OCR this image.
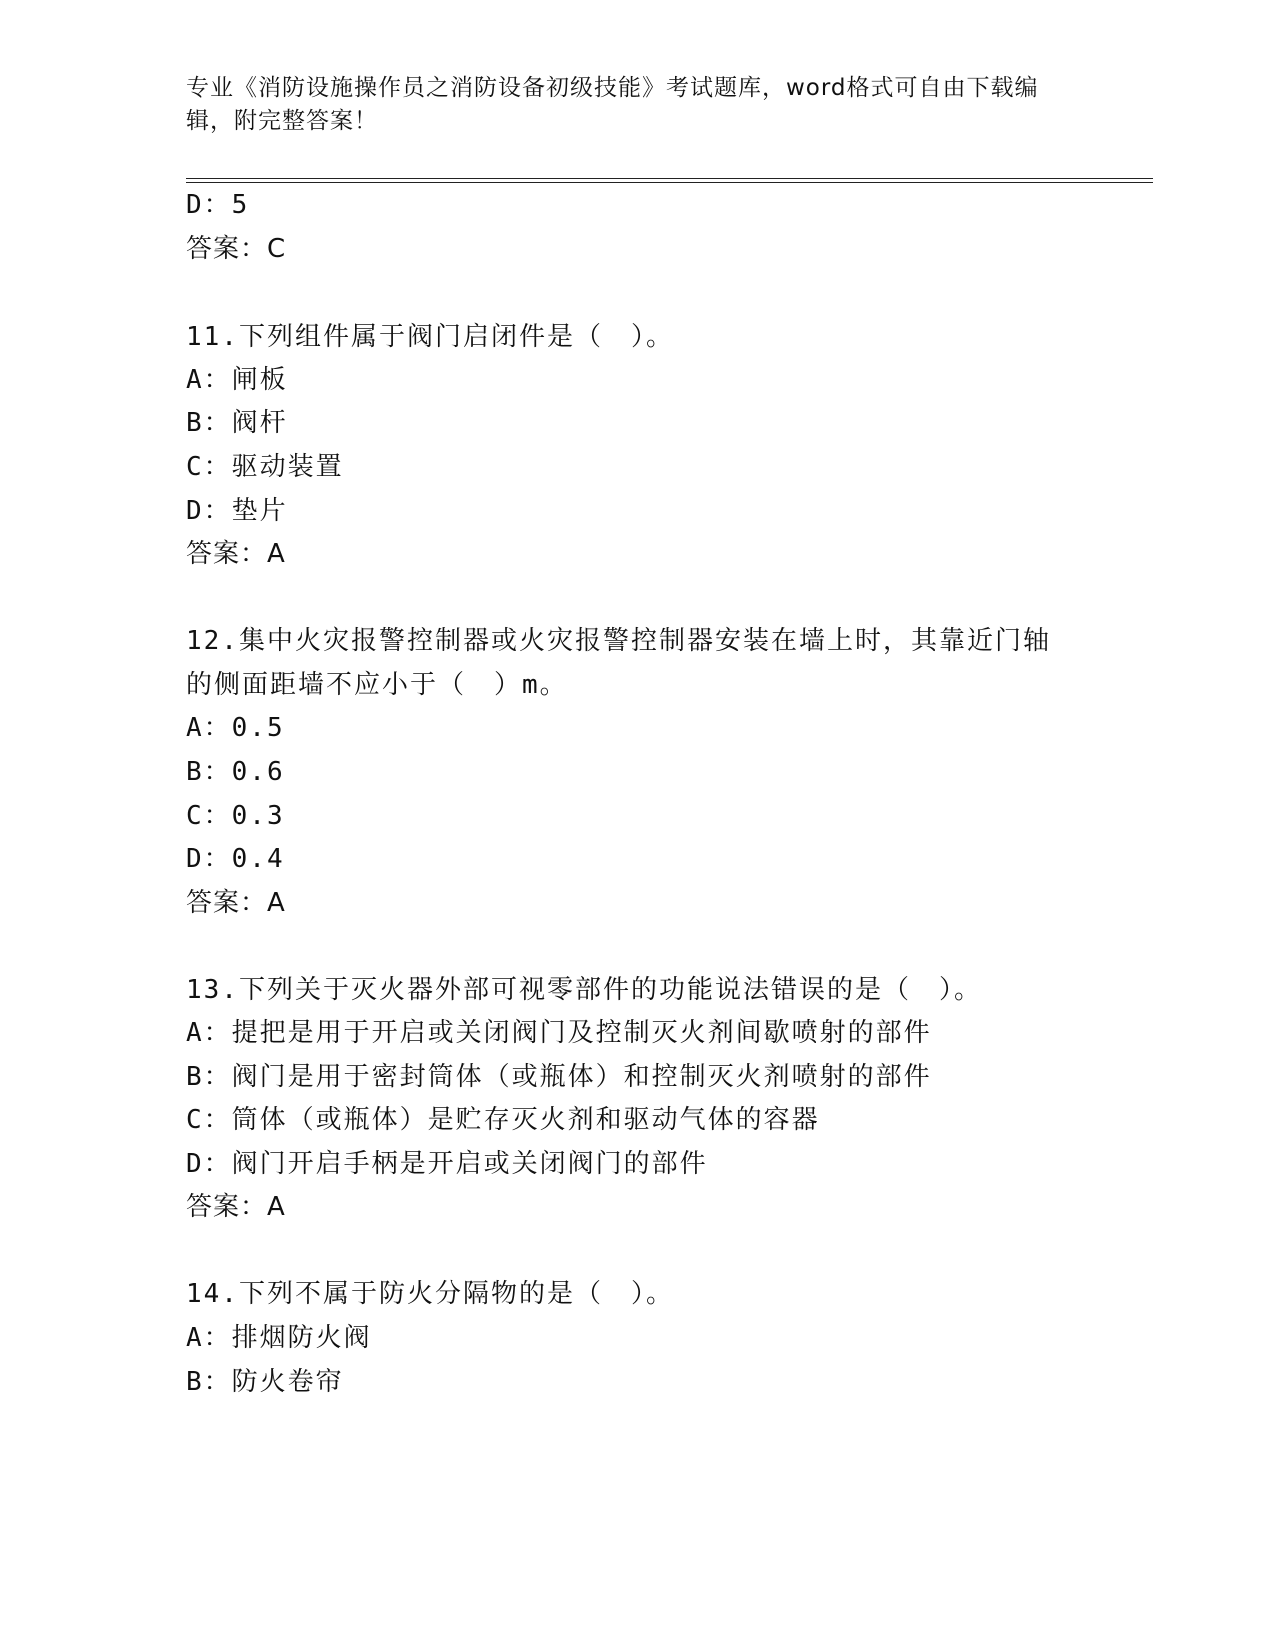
专业《消防设施操作员之消防设备初级技能》考试题库，word格式可自由下载编辑，附完整答案！
D：5
答案：C
11.下列组件属于阀门启闭件是（　）。
A：闸板
B：阀杆
C：驱动装置
D：垫片
答案：A
12.集中火灾报警控制器或火灾报警控制器安装在墙上时，其靠近门轴
的侧面距墙不应小于（　）m。
A：0.5
B：0.6
C：0.3
D：0.4
答案：A
13.下列关于灭火器外部可视零部件的功能说法错误的是（　）。
A：提把是用于开启或关闭阀门及控制灭火剂间歇喷射的部件
B：阀门是用于密封筒体（或瓶体）和控制灭火剂喷射的部件
C：筒体（或瓶体）是贮存灭火剂和驱动气体的容器
D：阀门开启手柄是开启或关闭阀门的部件
答案：A
14.下列不属于防火分隔物的是（　）。
A：排烟防火阀
B：防火卷帘
